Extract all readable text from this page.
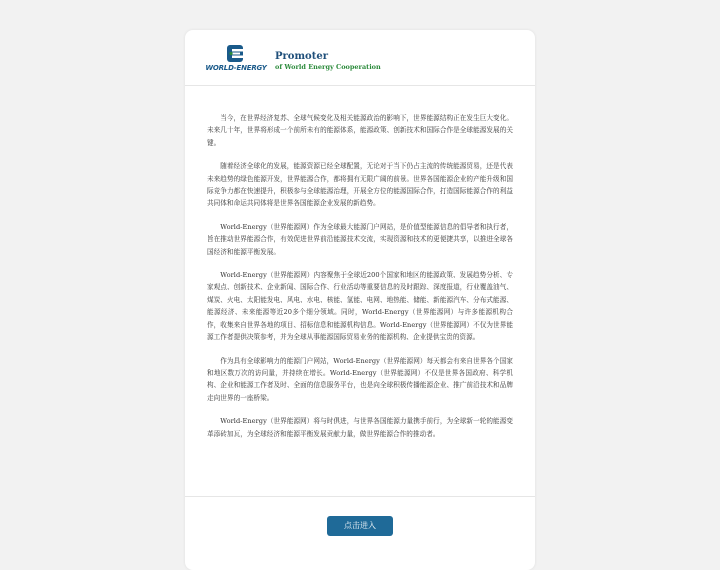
WORLD-ENERGY
Promoter
of World Energy Cooperation

当今，在世界经济复苏、全球气候变化及相关能源政治的影响下，世界能源结构正在发生巨大变化。未来几十年，世界将形成一个前所未有的能源体系，能源政策、创新技术和国际合作是全球能源发展的关键。

随着经济全球化的发展，能源资源已经全球配置，无论对于当下仍占主流的传统能源贸易，还是代表未来趋势的绿色能源开发，世界能源合作，都将拥有无限广阔的前景。世界各国能源企业的产能升级和国际竞争力都在快速提升，积极参与全球能源治理，开展全方位的能源国际合作，打造国际能源合作的利益共同体和命运共同体将是世界各国能源企业发展的新趋势。

World-Energy（世界能源网）作为全球最大能源门户网站，是价值型能源信息的倡导者和执行者，旨在推动世界能源合作，有效促进世界前沿能源技术交流，实现资源和技术的更便捷共享，以推进全球各国经济和能源平衡发展。

World-Energy（世界能源网）内容聚焦于全球近200个国家和地区的能源政策、发展趋势分析、专家观点、创新技术、企业新闻、国际合作、行业活动等重要信息的及时跟踪、深度报道，行业覆盖油气、煤炭、火电、太阳能发电、风电、水电、核能、氢能、电网、地热能、储能、新能源汽车、分布式能源、能源经济、未来能源等近20多个细分领域。同时，World-Energy（世界能源网）与许多能源机构合作，收集来自世界各地的项目、招标信息和能源机构信息。World-Energy（世界能源网）不仅为世界能源工作者提供决策参考，并为全球从事能源国际贸易业务的能源机构、企业提供宝贵的资源。

作为具有全球影响力的能源门户网站，World-Energy（世界能源网）每天都会有来自世界各个国家和地区数万次的访问量，并持续在增长。World-Energy（世界能源网）不仅是世界各国政府、科学机构、企业和能源工作者及时、全面的信息服务平台，也是向全球积极传播能源企业、推广前沿技术和品牌走向世界的一座桥梁。

World-Energy（世界能源网）将与时俱进，与世界各国能源力量携手前行，为全球新一轮的能源变革添砖加瓦，为全球经济和能源平衡发展贡献力量，做世界能源合作的推动者。

点击进入
